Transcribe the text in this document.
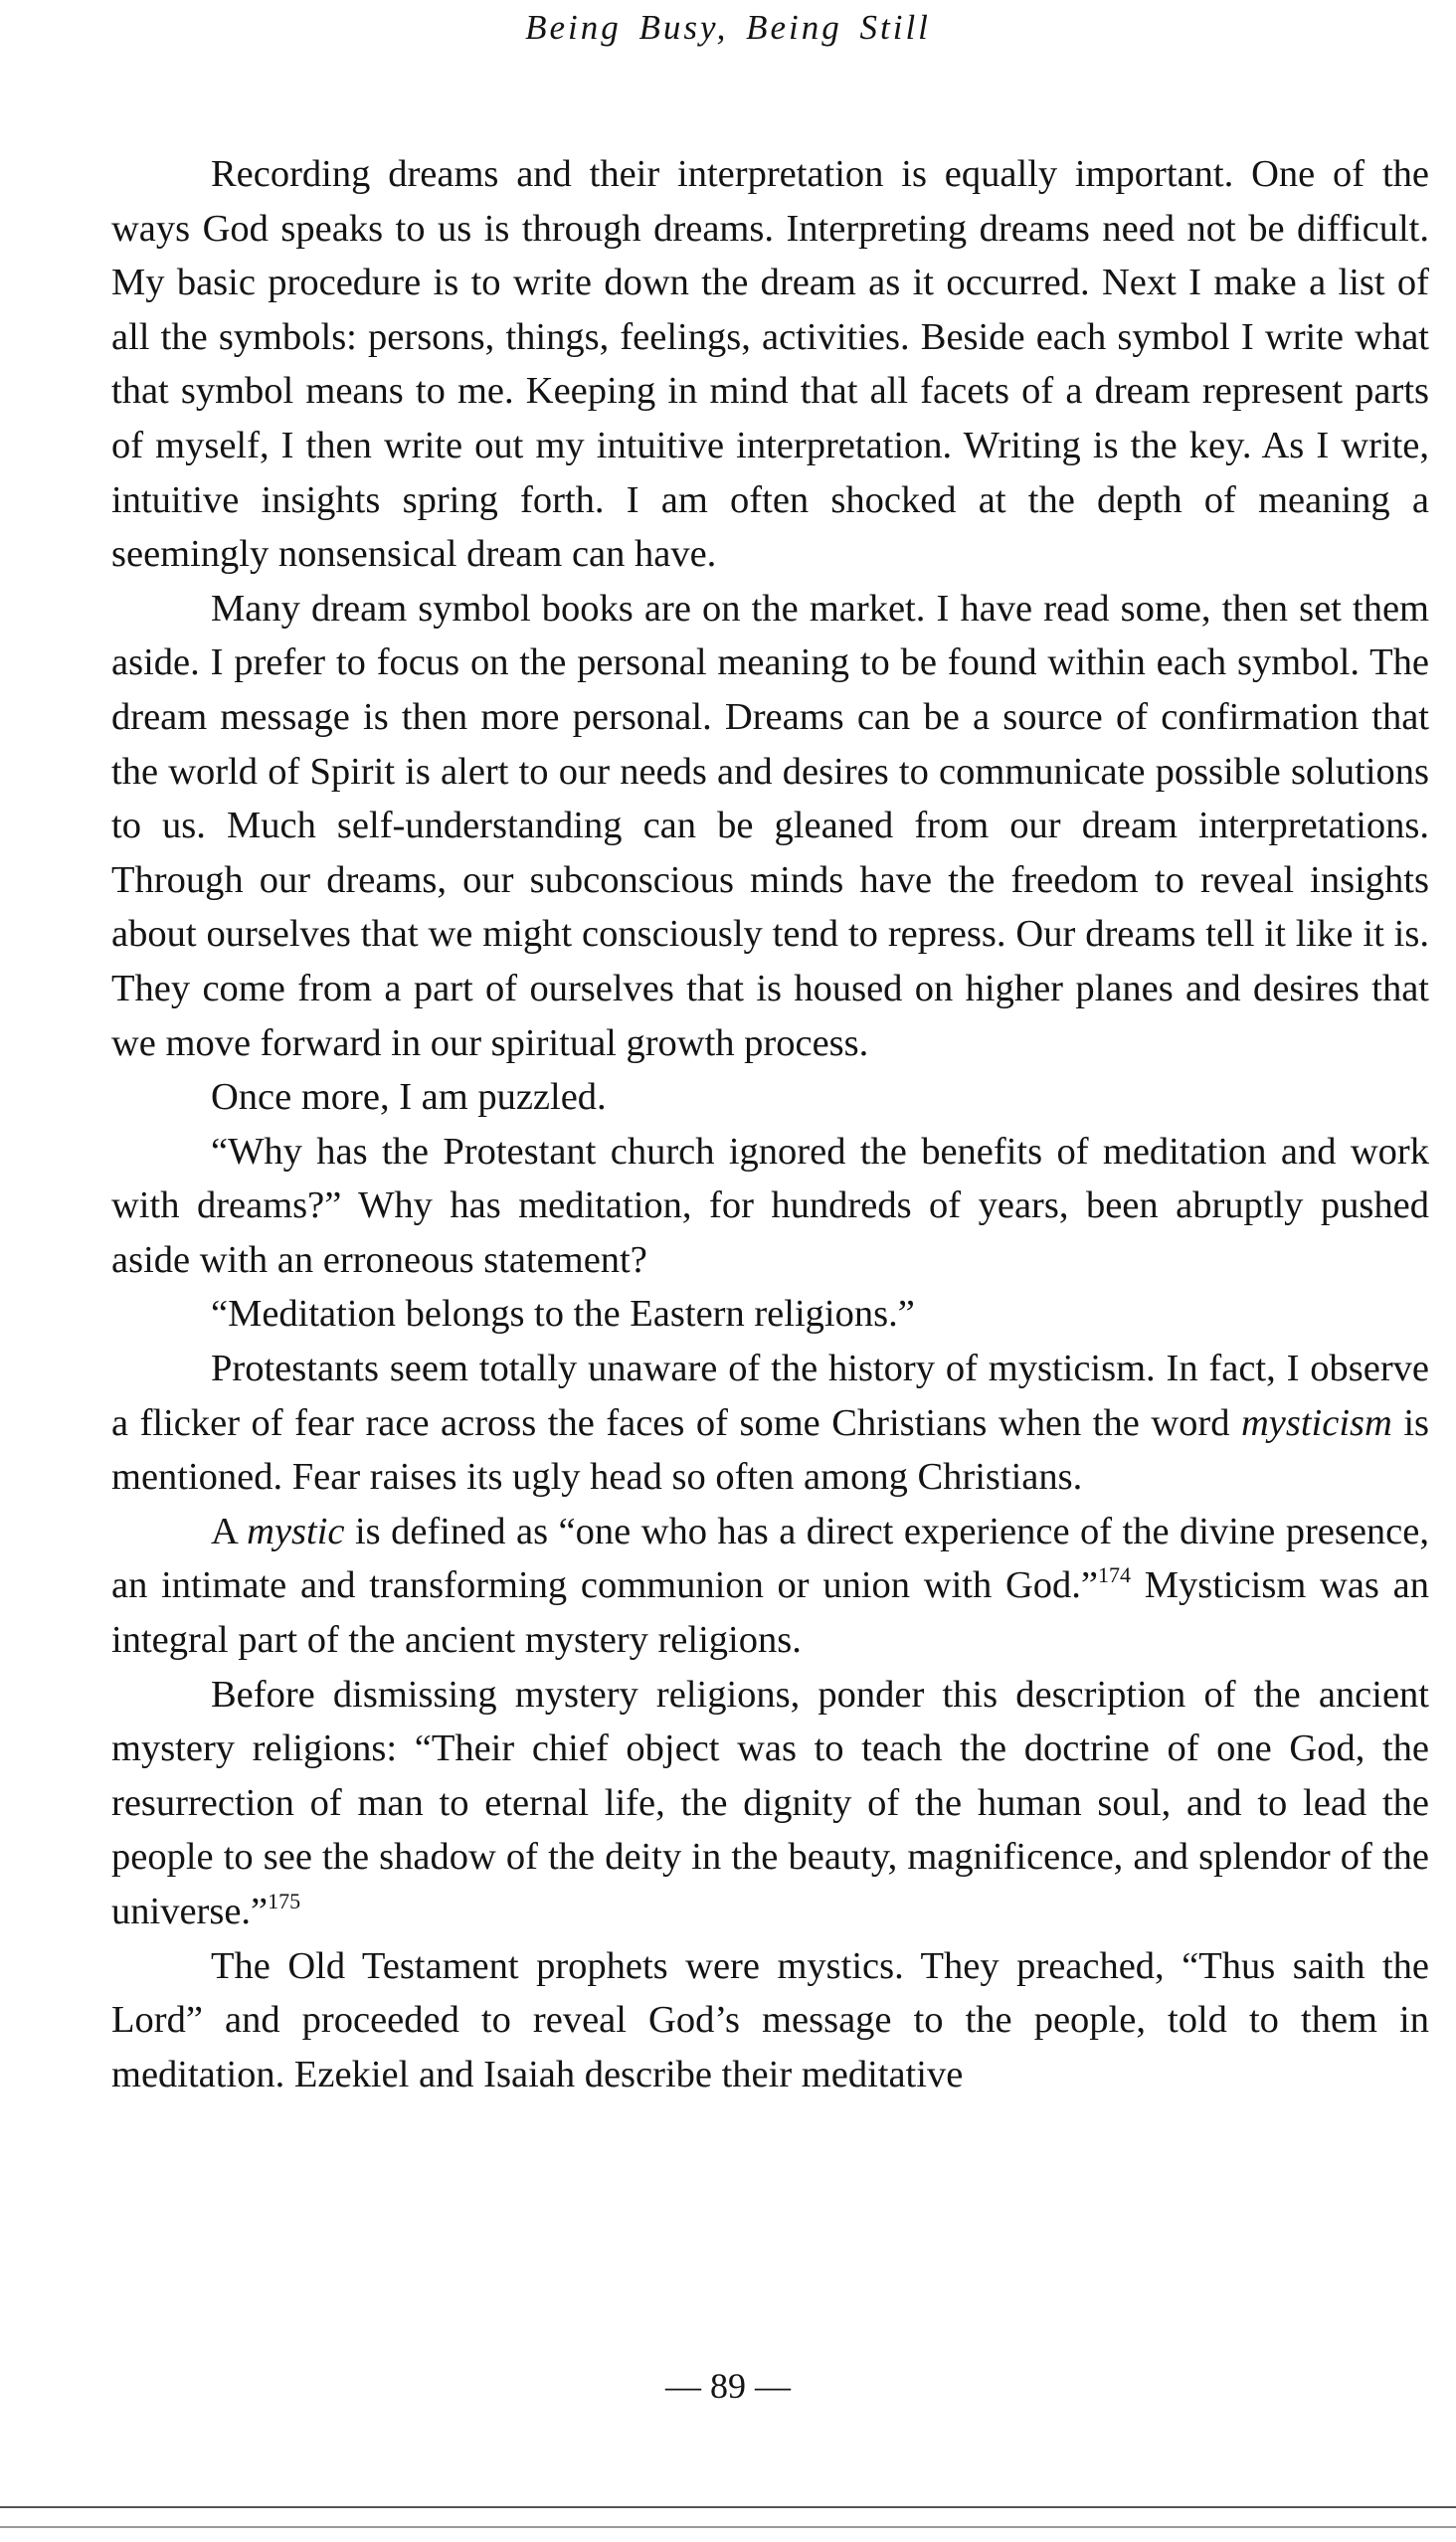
Being Busy, Being Still

Recording dreams and their interpretation is equally important. One of the ways God speaks to us is through dreams. Interpreting dreams need not be difficult. My basic procedure is to write down the dream as it occurred. Next I make a list of all the symbols: persons, things, feelings, activities. Beside each symbol I write what that symbol means to me. Keeping in mind that all facets of a dream represent parts of myself, I then write out my intuitive interpretation. Writing is the key. As I write, intuitive insights spring forth. I am often shocked at the depth of meaning a seemingly nonsensical dream can have.

Many dream symbol books are on the market. I have read some, then set them aside. I prefer to focus on the personal meaning to be found within each symbol. The dream message is then more personal. Dreams can be a source of confirmation that the world of Spirit is alert to our needs and desires to communicate possible solutions to us. Much self-understanding can be gleaned from our dream interpretations. Through our dreams, our subconscious minds have the freedom to reveal insights about ourselves that we might consciously tend to repress. Our dreams tell it like it is. They come from a part of ourselves that is housed on higher planes and desires that we move forward in our spiritual growth process.

Once more, I am puzzled.

“Why has the Protestant church ignored the benefits of meditation and work with dreams?” Why has meditation, for hundreds of years, been abruptly pushed aside with an erroneous statement?

“Meditation belongs to the Eastern religions.”

Protestants seem totally unaware of the history of mysticism. In fact, I observe a flicker of fear race across the faces of some Christians when the word mysticism is mentioned. Fear raises its ugly head so often among Christians.

A mystic is defined as “one who has a direct experience of the divine presence, an intimate and transforming communion or union with God.”$^{174}$ Mysticism was an integral part of the ancient mystery religions.

Before dismissing mystery religions, ponder this description of the ancient mystery religions: “Their chief object was to teach the doctrine of one God, the resurrection of man to eternal life, the dignity of the human soul, and to lead the people to see the shadow of the deity in the beauty, magnificence, and splendor of the universe.”$^{175}$

The Old Testament prophets were mystics. They preached, “Thus saith the Lord” and proceeded to reveal God’s message to the people, told to them in meditation. Ezekiel and Isaiah describe their meditative

— 89 —
